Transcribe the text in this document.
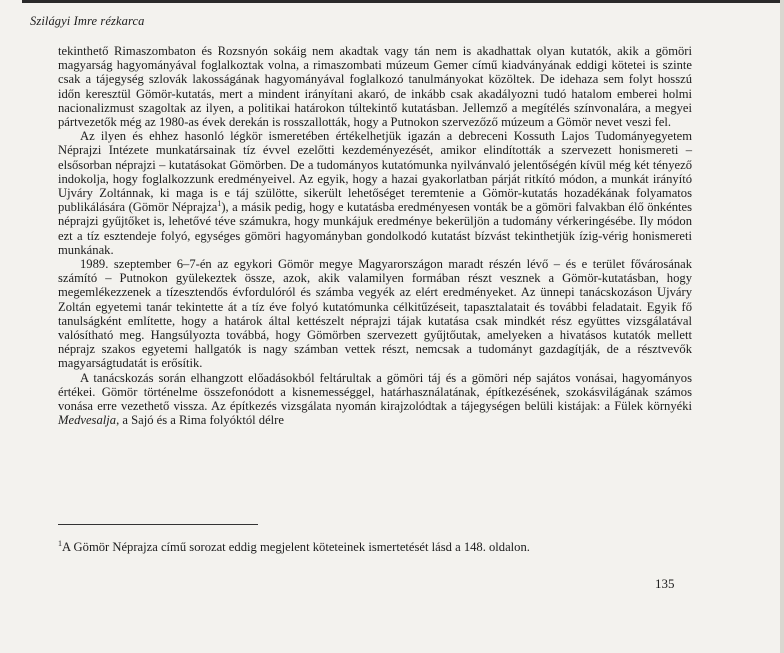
Szilágyi Imre rézkarca

tekinthető Rimaszombaton és Rozsnyón sokáig nem akadtak vagy tán nem is akadhattak olyan kutatók, akik a gömöri magyarság hagyományával foglalkoztak volna, a rimaszombati múzeum Gemer című kiadványának eddigi kötetei is szinte csak a tájegység szlovák lakosságának hagyományával foglalkozó tanulmányokat közöltek. De idehaza sem folyt hosszú időn keresztül Gömör-kutatás, mert a mindent irányítani akaró, de inkább csak akadályozni tudó hatalom emberei holmi nacionalizmust szagoltak az ilyen, a politikai határokon túltekintő kutatásban. Jellemző a megítélés színvonalára, a megyei pártvezetők még az 1980-as évek derekán is rosszallották, hogy a Putnokon szervezőző múzeum a Gömör nevet veszi fel.

Az ilyen és ehhez hasonló légkör ismeretében értékelhetjük igazán a debreceni Kossuth Lajos Tudományegyetem Néprajzi Intézete munkatársainak tíz évvel ezelőtti kezdeményezését, amikor elindították a szervezett honismereti – elsősorban néprajzi – kutatásokat Gömörben. De a tudományos kutatómunka nyilvánvaló jelentőségén kívül még két tényező indokolja, hogy foglalkozzunk eredményeivel. Az egyik, hogy a hazai gyakorlatban párját ritkító módon, a munkát irányító Ujváry Zoltánnak, ki maga is e táj szülötte, sikerült lehetőséget teremtenie a Gömör-kutatás hozadékának folyamatos publikálására (Gömör Néprajza$^1$), a másik pedig, hogy e kutatásba eredményesen vonták be a gömöri falvakban élő önkéntes néprajzi gyűjtőket is, lehetővé téve számukra, hogy munkájuk eredménye bekerüljön a tudomány vérkeringésébe. Ily módon ezt a tíz esztendeje folyó, egységes gömöri hagyományban gondolkodó kutatást bízvást tekinthetjük ízig-vérig honismereti munkának.

1989. szeptember 6–7-én az egykori Gömör megye Magyarországon maradt részén lévő – és e terület fővárosának számító – Putnokon gyülekeztek össze, azok, akik valamilyen formában részt vesznek a Gömör-kutatásban, hogy megemlékezzenek a tízesztendős évfordulóról és számba vegyék az elért eredményeket. Az ünnepi tanácskozáson Ujváry Zoltán egyetemi tanár tekintette át a tíz éve folyó kutatómunka célkitűzéseit, tapasztalatait és további feladatait. Egyik fő tanulságként említette, hogy a határok által kettészelt néprajzi tájak kutatása csak mindkét rész együttes vizsgálatával valósítható meg. Hangsúlyozta továbbá, hogy Gömörben szervezett gyűjtőutak, amelyeken a hivatásos kutatók mellett néprajz szakos egyetemi hallgatók is nagy számban vettek részt, nemcsak a tudományt gazdagítják, de a résztvevők magyarságtudatát is erősítik.

A tanácskozás során elhangzott előadásokból feltárultak a gömöri táj és a gömöri nép sajátos vonásai, hagyományos értékei. Gömör történelme összefonódott a kisnemességgel, határhasználatának, építkezésének, szokásvilágának számos vonása erre vezethető vissza. Az építkezés vizsgálata nyomán kirajzolódtak a tájegységen belüli kistájak: a Fülek környéki Medvesalja, a Sajó és a Rima folyóktól délre

$^1$A Gömör Néprajza című sorozat eddig megjelent köteteinek ismertetését lásd a 148. oldalon.
135
